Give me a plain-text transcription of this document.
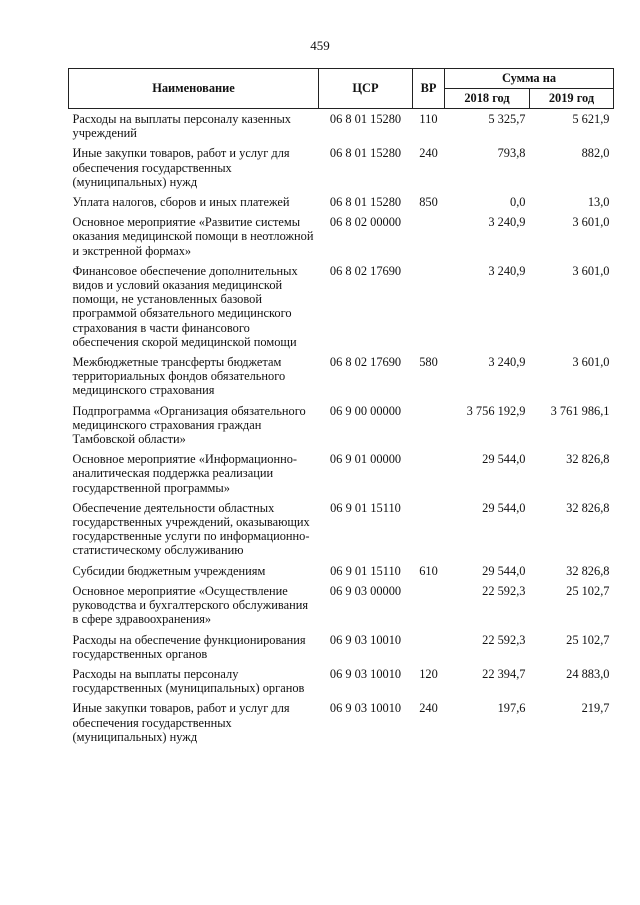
459
Наименование	ЦСР	ВР	Сумма на	
			2018 год	2019 год
Расходы на выплаты персоналу казенных учреждений	06 8 01 15280	110	5 325,7	5 621,9
Иные закупки товаров, работ и услуг для обеспечения государственных (муниципальных) нужд	06 8 01 15280	240	793,8	882,0
Уплата налогов, сборов и иных платежей	06 8 01 15280	850	0,0	13,0
Основное мероприятие «Развитие системы оказания медицинской помощи в неотложной и экстренной формах»	06 8 02 00000		3 240,9	3 601,0
Финансовое обеспечение дополнительных видов и условий оказания медицинской помощи, не установленных базовой программой обязательного медицинского страхования в части финансового обеспечения скорой медицинской помощи	06 8 02 17690		3 240,9	3 601,0
Межбюджетные трансферты бюджетам территориальных фондов обязательного медицинского страхования	06 8 02 17690	580	3 240,9	3 601,0
Подпрограмма «Организация обязательного медицинского страхования граждан Тамбовской области»	06 9 00 00000		3 756 192,9	3 761 986,1
Основное мероприятие «Информационно-аналитическая поддержка реализации государственной программы»	06 9 01 00000		29 544,0	32 826,8
Обеспечение деятельности областных государственных учреждений, оказывающих государственные услуги по информационно-статистическому обслуживанию	06 9 01 15110		29 544,0	32 826,8
Субсидии бюджетным учреждениям	06 9 01 15110	610	29 544,0	32 826,8
Основное мероприятие «Осуществление руководства и бухгалтерского обслуживания в сфере здравоохранения»	06 9 03 00000		22 592,3	25 102,7
Расходы на обеспечение функционирования государственных органов	06 9 03 10010		22 592,3	25 102,7
Расходы на выплаты персоналу государственных (муниципальных) органов	06 9 03 10010	120	22 394,7	24 883,0
Иные закупки товаров, работ и услуг для обеспечения государственных (муниципальных) нужд	06 9 03 10010	240	197,6	219,7
